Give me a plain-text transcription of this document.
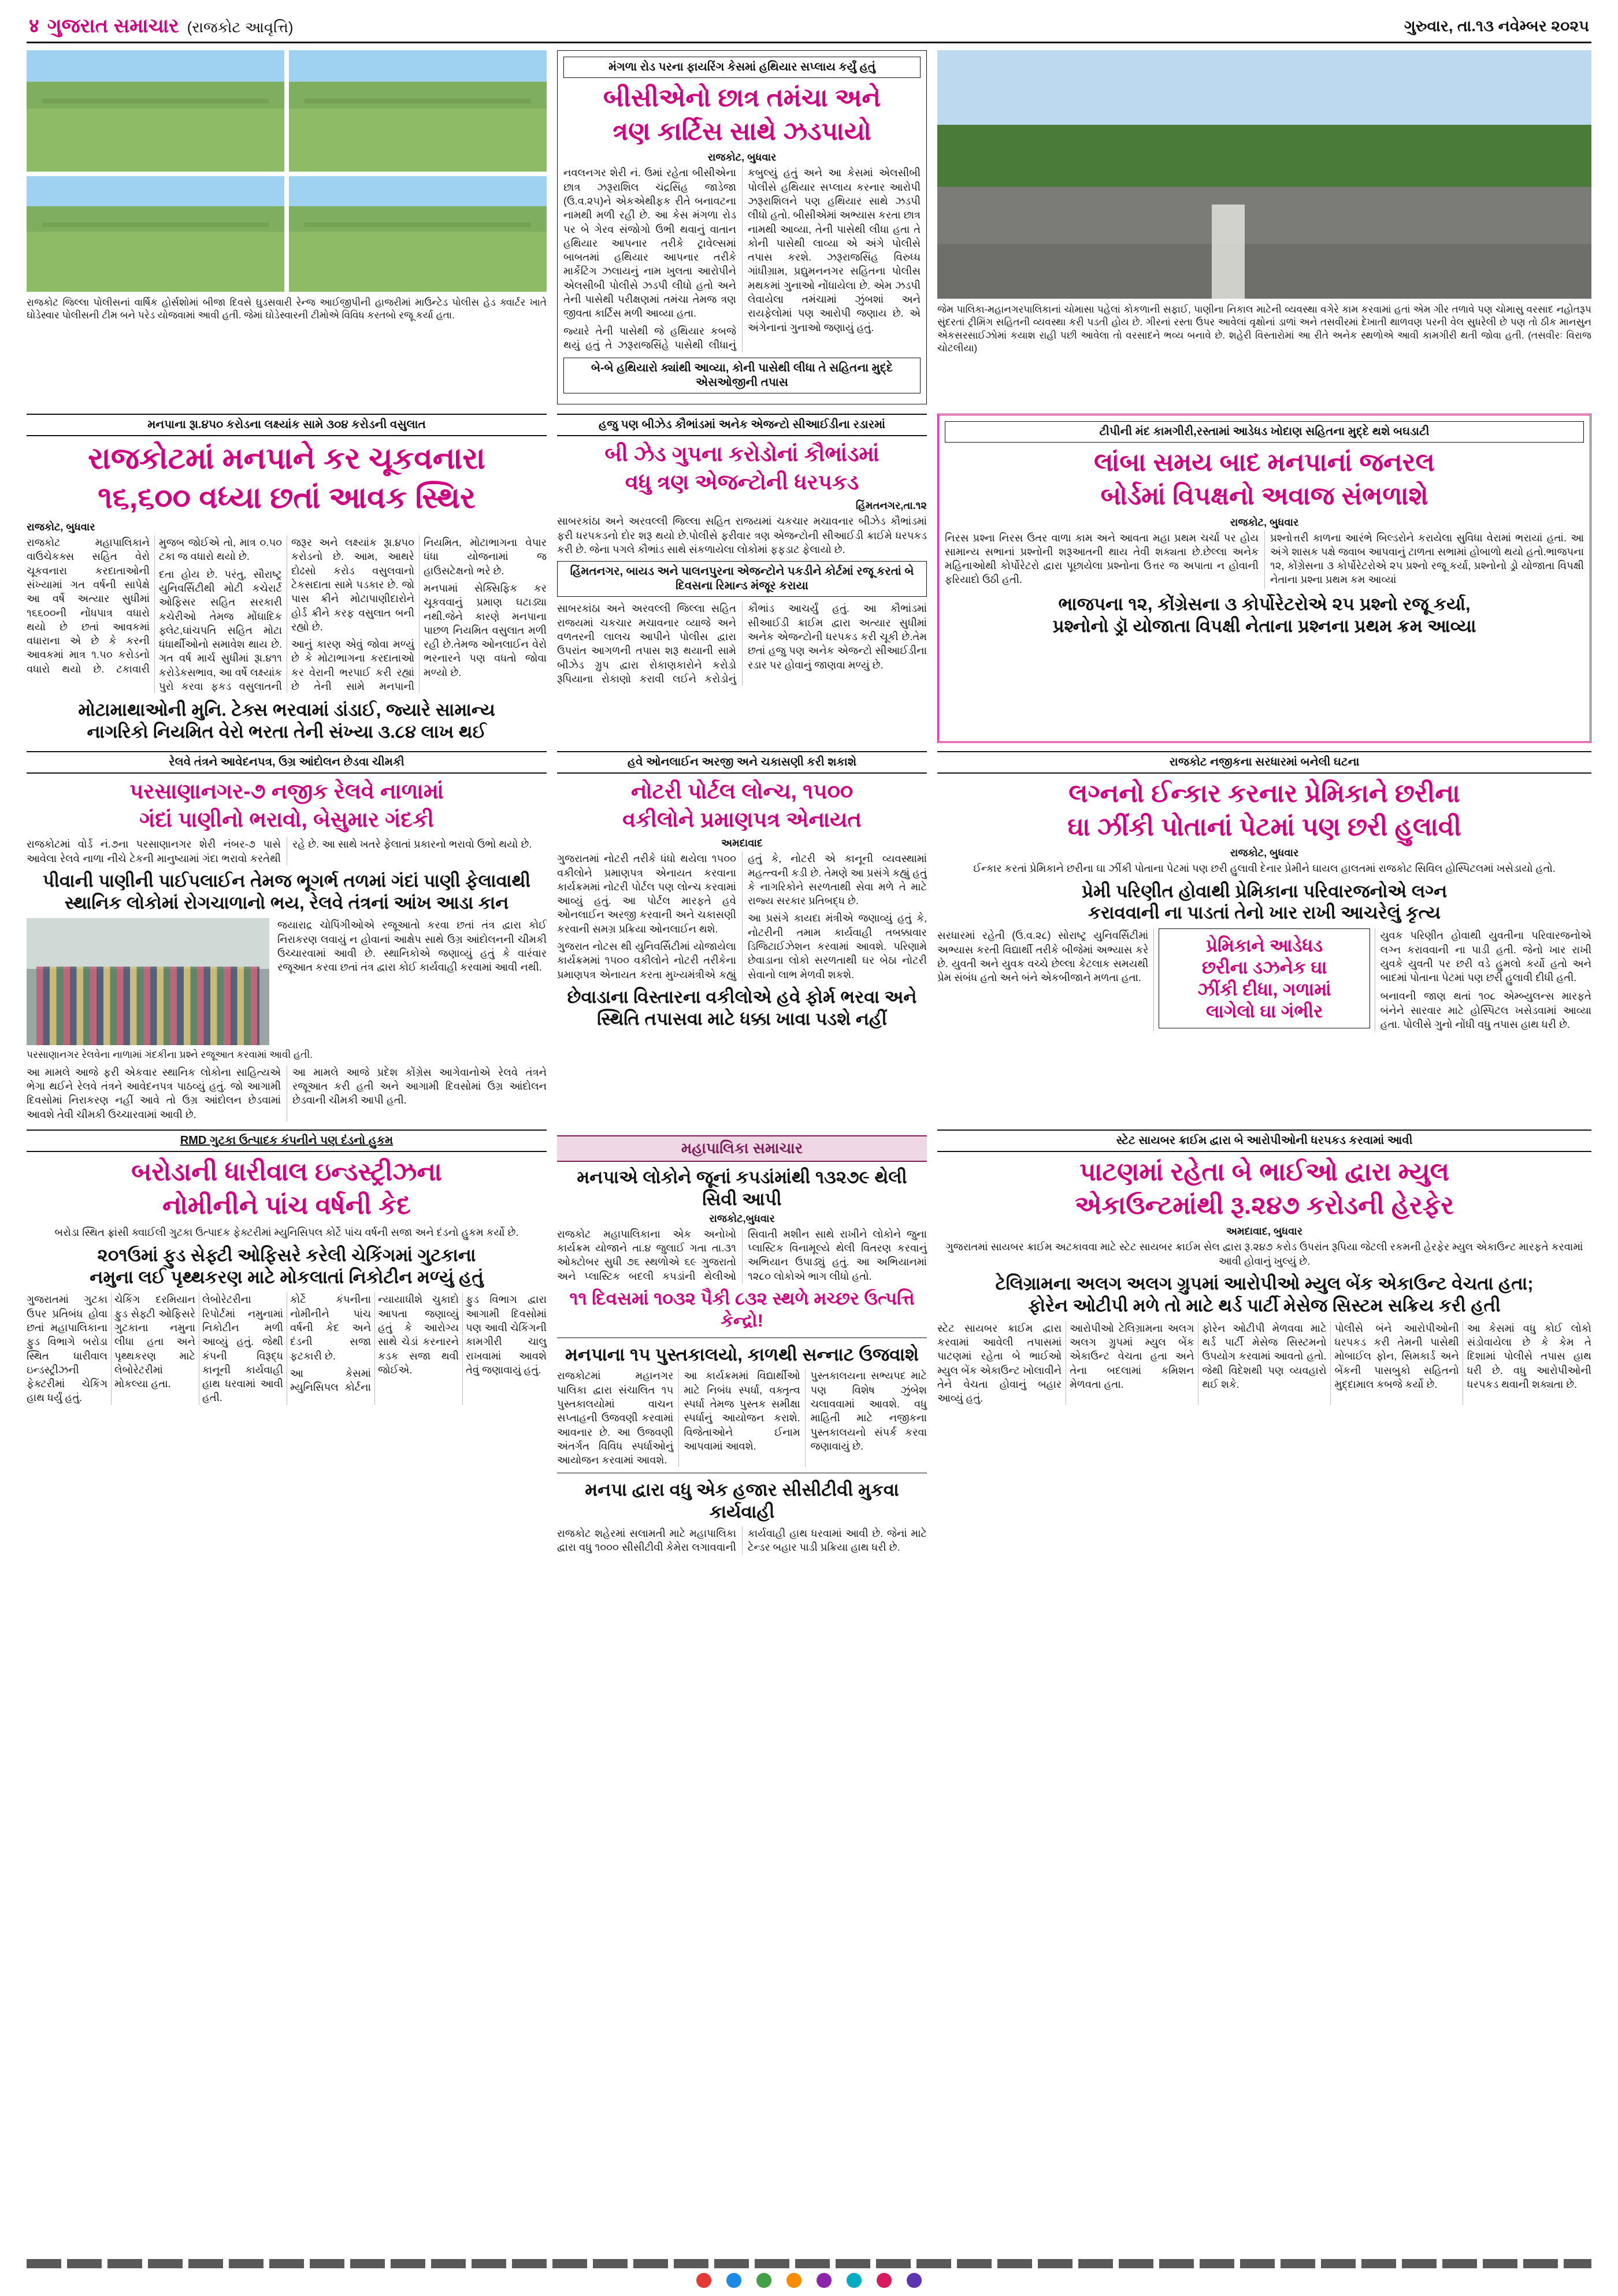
४ ગુજરાત સમાચાર (રાજકોટ આવૃત્તિ)	ગુરુવાર, તા.૧૩ નવેમ્બર ૨૦૨૫
રાજકોટ જિલ્લા પોલીસનાં વાર્ષિક હોર્સશોમાં બીજા દિવસે ઘુડસવારી રેન્જ આઈજીપીની હાજરીમાં માઉન્ટેડ પોલીસ હેડ ક્વાર્ટર ખાતે ઘોડેસ્વાર પોલીસની ટીમ બને પરેડ યોજવામાં આવી હતી. જેમાં ઘોડેસ્વારની ટીમોએ વિવિધ કરતબો રજૂ કર્યા હતા.
મંગળા રોડ પરના ફાયરિંગ કેસમાં હથિયાર સપ્લાય કર્યું હતું
બીસીએનો છાત્ર તમંચા અને
ત્રણ કાર્ટિસ સાથે ઝડપાયો
રાજકોટ, બુધવાર
નવલનગર શેરી નં. ઉમાં રહેતા બીસીએના છાત્ર ઝરૂરાશિલ ચંદ્રસિંહ જાડેજા (ઉ.વ.૨૫)ને એકએથીફક રીતે બનાવટના નામથી મળી રહી છે. આ કેસ મંગળા રોડ પર બે ગેરવ સંજોગો ઉભી થવાનું વાતાન હથિયાર આપનાર તરીકે ટ્રાવેલ્સમાં બાબતમાં હથિયાર આપનાર તરીકે માર્કેટિંગ ઝલાયનું નામ ખુલતા આરોપીને એલસીબી પોલીસે ઝડપી લીધો હતો અને તેની પાસેથી પરીક્ષણમાં તમંચા તેમજ ત્રણ જીવતા કાર્ટિસ મળી આવ્યા હતા.
જ્યારે તેની પાસેથી જે હથિયાર કબજે થયું હતું તે ઝરૂરાજસિંહે પાસેથી લીધાનું કબુલ્યું હતું અને આ કેસમાં એલસીબી પોલીસે હથિયાર સપ્લાય કરનાર આરોપી ઝરૂરાશિલને પણ હથિયાર સાથે ઝડપી લીધો હતો. બીસીએમાં અભ્યાસ કરતા છાત્ર નામથી આવ્યા, તેની પાસેથી લીધા હતા તે કોની પાસેથી લાવ્યા એ અંગે પોલીસે તપાસ કરશે. ઝરૂરાજસિંહ વિરુધ્ધ ગાંધીગ્રામ, પ્રદ્યુમનનગર સહિતના પોલીસ મથકમાં ગુનાઓ નોંધાયેલા છે. એમ ઝડપી લેવાયેલા તમંચામાં ઝુંબશાં અને રાયફેલોમાં પણ આરોપી જણાય છે. એ અંગેનાનાં ગુનાઓ જણાયું હતું.
બે-બે હથિયારો ક્યાંથી આવ્યા, કોની પાસેથી લીધા તે સહિતના મુદ્દે એસઓજીની તપાસ
જેમ પાલિકા-મહાનગરપાલિકાનાં ચોમાસા પહેલાં કોકળાની સફાઈ, પાણીના નિકાલ માટેની વ્યવસ્થા વગેરે કામ કરવામાં હતાં એમ ગીર તળાવે પણ ચોમાસુ વરસાદ નહોતરૂપ સુંદરતાં ટ્રીમિંગ સહિતની વ્યવસ્થા કરી પડતી હોય છે. ગીરનાં રસ્તા ઉપર આવેલાં વૃક્ષોનાં ડાળાં અને તસવીરમાં દેખાતી થાળવણ પરની વેલ સુધરેલી છે પણ તો ઠીક માનસુન એકસરસાઈઝોમાં કયાશ રાહી પછી આવેલા તો વરસાદને ભવ્ય બનાવે છે. શહેરી વિસ્તારોમાં આ રીતે અનેક સ્થળોએ આવી કામગીરી થતી જોવા હતી. (તસવીરઃ વિરાજ ચોટલીયા)
મનપાના રૂા.૪૫૦ કરોડના લક્ષ્યાંક સામે ૩૦૪ કરોડની વસુલાત
રાજકોટમાં મનપાને કર ચૂકવનારા
૧૬,૬૦૦ વધ્યા છતાં આવક સ્થિર
રાજકોટ, બુધવાર
રાજકોટ મહાપાલિકાને વાઉચેકક્સ સહિત વેરો ચૂકવનારા કરદાતાઓની સંખ્યામાં ગત વર્ષની સાપેક્ષે આ વર્ષે અત્યાર સુધીમાં ૧૬૬૦૦ની નોંધપાત્ર વધારો થયો છે છતાં આવકમાં વધારાના એ છે કે કરની આવકમાં માત્ર ૧.૫૦ કરોડનો વધારો થયો છે. ટકાવારી મુજબ જોઈએ તો, માત્ર ૦.૫૦ ટકા જ વધારો થયો છે.
દતા હોય છે. પરંતુ, સૌરાષ્ટ્ર યુનિવર્સિટીથી મોટી કચેરાર્ટ ઓફિસર સહિત સરકારી કચેરીઓ તેમજ મોંઘાદિક ફ્લેટ,ઘાંચપતિ સહિત મોટા ધંધાર્થીઓનો સમાવેશ થાય છે. ગત વર્ષ માર્ચ સુધીમાં રૂા.૪૧૧ કરોડેકસભાવ, આ વર્ષે લક્ષ્યાંક પુરો કરવા ફકડ વસુલાતની જરૂર અને લક્ષ્યાંક રૂા.૪૫૦ કરોડનો છે. આમ, આથરે દોઢસો કરોડ વસુલવાનો ટેકસદાતા સામે પડકાર છે. જો પાસ ક્રીને મોટાપાણીદારોને હોર્ડ ક્રીને કરફ વસુલાત બની રહ્યો છે.
આનું કારણ એવું જોવા મળ્યું છે કે મોટાભાગના કરદાતાઓ કર વેરાની ભરપાઈ કરી રહ્યાં છે તેની સામે મનપાની નિયમિત, મોટાભાગના વેપાર ધંધા યોજનામાં જ હાઉસટેક્ષનો ભરે છે.
મનપામાં સેક્સિફિક કર ચૂકવવાનું પ્રમાણ ઘટાડ્યા નથી.જેને કારણે મનપાના પાછળ નિયમિત વસુલાત મળી રહી છે.તેમજ ઓનલાઈન વેરો ભરનારને પણ વધતો જોવા મળ્યો છે.
મોટામાથાઓની મુનિ. ટેક્સ ભરવામાં ડાંડાઈ, જ્યારે સામાન્ય
નાગરિકો નિયમિત વેરો ભરતા તેની સંખ્યા ૩.૮૪ લાખ થઈ
હજુ પણ બીઝેડ કૌભાંડમાં અનેક એજન્ટો સીઆઈડીના રડારમાં
બી ઝેડ ગુપના કરોડોનાં કૌભાંડમાં
વધુ ત્રણ એજન્ટોની ધરપકડ
હિંમતનગર,તા.૧૨
સાબરકાંઠા અને અરવલ્લી જિલ્લા સહિત રાજયમાં ચકચાર મચાવનાર બીઝેડ કૌભાંડમાં ફરી ધરપકડનો દોર શરૂ થયો છે.પોલીસે ફરીવાર ત્રણ એજન્ટોની સીઆઈડી ક્રાઈમે ધરપકડ કરી છે. જેના પગલે કૌભાંડ સાથે સંકળાયેલા લોકોમાં ફફડાટ ફેલાયો છે.
હિંમતનગર, બાયડ અને પાલનપુરના એજન્ટોને પકડીને કોર્ટમાં રજૂ કરતાં બે દિવસના રિમાન્ડ મંજૂર કરાયા
સાબરકાંઠા અને અરવલ્લી જિલ્લા સહિત રાજયમાં ચકચાર મચાવનાર વ્યાજે અને વળતરની લાલચ આપીને પોલીસ દ્વારા ઉપરાંત આગળની તપાસ શરૂ થયાની સામે બીઝેડ ગ્રુપ દ્વારા રોકાણકારોને કરોડો રૂપિયાના રોકાણો કરાવી લઈને કરોડોનું કૌભાંડ આચર્યું હતું. આ કૌભાંડમાં સીઆઈડી ક્રાઈમ દ્વારા અત્યાર સુધીમાં અનેક એજન્ટોની ધરપકડ કરી ચૂકી છે.તેમ છતાં હજુ પણ અનેક એજન્ટો સીઆઈડીના રડાર પર હોવાનું જાણવા મળ્યું છે.
ટીપીની મંદ કામગીરી,રસ્તામાં આડેધડ ખોદાણ સહિતના મુદ્દે થશે બઘડાટી
લાંબા સમય બાદ મનપાનાં જનરલ
બોર્ડમાં વિપક્ષનો અવાજ સંભળાશે
રાજકોટ, બુધવાર
નિરસ પ્રશ્ના નિરસ ઉતર વાળા કામ અને આવતા મહા પ્રથમ ચર્ચા પર હોય સામાન્ય સભાનાં પ્રશ્નોની શરૂઆતની થાય તેવી શક્યતા છે.છેલ્લા અનેક મહિનાઓથી કોર્પોરેટરો દ્વારા પૂછાયેલા પ્રશ્નોના ઉત્તર જ અપાતા ન હોવાની ફરિયાદો ઉઠી હતી.
પ્રશ્નોત્તરી કાળના આરંભે બિલ્ડરોને કરાયેલા સુવિધા વેરામાં ભરાયાં હતાં. આ અંગે શાસક પક્ષે જવાબ આપવાનું ટાળતા સભામાં હોબાળો થયો હતો.ભાજપના ૧૨, કોંગ્રેસના ૩ કોર્પોરેટરોએ ૨૫ પ્રશ્નો રજૂ કર્યા, પ્રશ્નોનો ડ્રો યોજાતા વિપક્ષી નેતાના પ્રશ્ના પ્રથમ કમ આવ્યાં
ભાજપના ૧૨, કોંગ્રેસના ૩ કોર્પોરેટરોએ ૨૫ પ્રશ્નો રજૂ કર્યા,
પ્રશ્નોનો ડ્રૉ યોજાતા વિપક્ષી નેતાના પ્રશ્નના પ્રથમ ક્રમ આવ્યા
રેલવે તંત્રને આવેદનપત્ર, ઉગ્ર આંદોલન છેડવા ચીમકી
પરસાણાનગર-૭ નજીક રેલવે નાળામાં
ગંદાં પાણીનો ભરાવો, બેસુમાર ગંદકી
રાજકોટમાં વોર્ડ નં.૭ના પરસાણાનગર શેરી નંબર-૭ પાસે આવેલા રેલવે નાળા નીચે ટેકની માનુષ્યામાં ગંદા ભરાવો કરતેથી રહે છે. આ સાથે ખતરે ફેલાતાં પ્રકારનો ભરાવો ઉભો થયો છે.
પીવાની પાણીની પાઈપલાઈન તેમજ ભૂગર્ભ તળમાં ગંદાં પાણી ફેલાવાથી સ્થાનિક લોકોમાં રોગચાળાનો ભય, રેલવે તંત્રનાં આંખ આડા કાન
જયારાદ્ર ચોપિંગીઓએ રજૂઆતો કરવા છતાં તંત્ર દ્વારા કોઈ નિરાકરણ લવાયું ન હોવાનાં આક્ષેપ સાથે ઉગ્ર આંદોલનની ચીમકી ઉચ્ચારવામાં આવી છે. સ્થાનિકોએ જણાવ્યું હતું કે વારંવાર રજૂઆત કરવા છતાં તંત્ર દ્વારા કોઈ કાર્યવાહી કરવામાં આવી નથી.
પરસાણાનગર રેલવેના નાળામાં ગંદકીના પ્રશ્ને રજૂઆત કરવામાં આવી હતી.
આ મામલે આજે ફરી એકવાર સ્થાનિક લોકોના સાહિત્યએ ભેગા થઈને રેલવે તંત્રને આવેદનપત્ર પાઠવ્યું હતું. જો આગામી દિવસોમાં નિરાકરણ નહીં આવે તો ઉગ્ર આંદોલન છેડવામાં આવશે તેવી ચીમકી ઉચ્ચારવામાં આવી છે.
આ મામલે આજે પ્રદેશ કોંગ્રેસ આગેવાનોએ રેલવે તંત્રને રજૂઆત કરી હતી અને આગામી દિવસોમાં ઉગ્ર આંદોલન છેડવાની ચીમકી આપી હતી.
હવે ઓનલાઈન અરજી અને ચકાસણી કરી શકાશે
નોટરી પોર્ટલ લોન્ચ, ૧૫૦૦
વકીલોને પ્રમાણપત્ર એનાયત
અમદાવાદ
ગુજરાતમાં નોટરી તરીકે ધંધો થયેલા ૧૫૦૦ વકીલોને પ્રમાણપત્ર એનાયત કરવાના કાર્યક્રમમાં નોટરી પોર્ટલ પણ લોન્ચ કરવામાં આવ્યું હતું. આ પોર્ટલ મારફતે હવે ઓનલાઈન અરજી કરવાની અને ચકાસણી કરવાની સમગ્ર પ્રક્રિયા ઓનલાઈન થશે.
ગુજરાત નોટસ થી યુનિવર્સિટીમાં યોજાયેલા કાર્યક્રમમાં ૧૫૦૦ વકીલોને નોટરી તરીકેના પ્રમાણપત્ર એનાયત કરતા મુખ્યમંત્રીએ કહ્યું હતું કે, નોટરી એ કાનૂની વ્યવસ્થામાં મહત્ત્વની કડી છે. તેમણે આ પ્રસંગે કહ્યું હતું કે નાગરિકોને સરળતાથી સેવા મળે તે માટે રાજ્ય સરકાર પ્રતિબદ્ધ છે.
આ પ્રસંગે કાયદા મંત્રીએ જણાવ્યું હતું કે, નોટરીની તમામ કાર્યવાહી તબક્કાવાર ડિજિટાઈઝેશન કરવામાં આવશે. પરિણામે છેવાડાના લોકો સરળતાથી ઘર બેઠા નોટરી સેવાનો લાભ મેળવી શકશે.
છેવાડાના વિસ્તારના વકીલોએ હવે ફોર્મ ભરવા અને સ્થિતિ તપાસવા માટે ધક્કા ખાવા પડશે નહીં
રાજકોટ નજીકના સરધારમાં બનેલી ઘટના
લગ્નનો ઈન્કાર કરનાર પ્રેમિકાને છરીના
ઘા ઝીંકી પોતાનાં પેટમાં પણ છરી હુલાવી
રાજકોટ, બુધવાર
ઈન્કાર કરતાં પ્રેમિકાને છરીના ઘા ઝીંકી પોતાના પેટમાં પણ છરી હુલાવી દેનાર પ્રેમીને ઘાયલ હાલતમાં રાજકોટ સિવિલ હોસ્પિટલમાં ખસેડાયો હતો.
પ્રેમી પરિણીત હોવાથી પ્રેમિકાના પરિવારજનોએ લગ્ન
કરાવવાની ના પાડતાં તેનો ખાર રાખી આચરેલું કૃત્ય
સરધારમાં રહેતી (ઉ.વ.૨૮) સોરાષ્ટ્ર યુનિવર્સિટીમાં અભ્યાસ કરતી વિદ્યાર્થી તરીકે બીજેમાં અભ્યાસ કરે છે. યુવતી અને યુવક વચ્ચે છેલ્લા કેટલાક સમયથી પ્રેમ સંબંધ હતો અને બંને એકબીજાને મળતા હતા.
પ્રેમિકાને આડેધડ
છરીના ડઝનેક ઘા
ઝીંકી દીધા, ગળામાં
લાગેલો ઘા ગંભીર
યુવક પરિણીત હોવાથી યુવતીના પરિવારજનોએ લગ્ન કરાવવાની ના પાડી હતી. જેનો ખાર રાખી યુવકે યુવતી પર છરી વડે હુમલો કર્યો હતો અને બાદમાં પોતાના પેટમાં પણ છરી હુલાવી દીધી હતી.
બનાવની જાણ થતાં ૧૦૮ એમ્બ્યુલન્સ મારફતે બંનેને સારવાર માટે હોસ્પિટલ ખસેડવામાં આવ્યા હતા. પોલીસે ગુનો નોંધી વધુ તપાસ હાથ ધરી છે.
RMD ગુટકા ઉત્પાદક કંપનીને પણ દંડનો હુકમ
બરોડાની ધારીવાલ ઇન્ડસ્ટ્રીઝના
નોમીનીને પાંચ વર્ષની કેદ
બરોડા સ્થિત ફ્રાંસી ક્વાઈલી ગુટકા ઉત્પાદક ફેક્ટરીમાં મ્યુનિસિપલ કોર્ટે પાંચ વર્ષની સજા અને દંડનો હુકમ કર્યો છે.
૨૦૧ઉમાં ફુડ સેફ્ટી ઓફિસરે કરેલી ચેકિંગમાં ગુટકાના
નમુના લઈ પૃથ્થકરણ માટે મોકલાતાં નિકોટીન મળ્યું હતું
ગુજરાતમાં ગુટકા ઉપર પ્રતિબંધ હોવા છતાં મહાપાલિકાના ફુડ વિભાગે બરોડા સ્થિત ધારીવાલ ઇન્ડસ્ટ્રીઝની ફેક્ટરીમાં ચેકિંગ હાથ ધર્યું હતું.
ચેકિંગ દરમિયાન ફુડ સેફ્ટી ઓફિસરે ગુટકાના નમુના લીધા હતા અને પૃથ્થકરણ માટે લેબોરેટરીમાં મોકલ્યા હતા.
લેબોરેટરીના રિપોર્ટમાં નમુનામાં નિકોટીન મળી આવ્યું હતું. જેથી કંપની વિરૂદ્ધ કાનૂની કાર્યવાહી હાથ ધરવામાં આવી હતી.
કોર્ટે કંપનીના નોમીનીને પાંચ વર્ષની કેદ અને દંડની સજા ફટકારી છે.
આ કેસમાં મ્યુનિસિપલ કોર્ટના ન્યાયાધીશે ચુકાદો આપતા જણાવ્યું હતું કે આરોગ્ય સાથે ચેડાં કરનારને કડક સજા થવી જોઈએ.
ફુડ વિભાગ દ્વારા આગામી દિવસોમાં પણ આવી ચેકિંગની કામગીરી ચાલુ રાખવામાં આવશે તેવું જણાવાયું હતું.
મહાપાલિકા સમાચાર
મનપાએ લોકોને જૂનાં કપડાંમાંથી ૧૩૨૭૯ થેલી સિવી આપી
રાજકોટ,બુધવાર
રાજકોટ મહાપાલિકાના એક અનોખો કાર્યક્રમ યોજાને તા.૪ જુલાઈ ગતા તા.૩૧ ઓક્ટોબર સુધી ૭૬ સ્થળોએ ૬૯ ગુજરાતો અને પ્લાસ્ટિક બદલી કપડાંની થેલીઓ સિવાતી મશીન સાથે રાખીને લોકોને જુના પ્લાસ્ટિક વિનામૂલ્યે થેલી વિતરણ કરવાનું અભિયાન ઉપાડ્યું હતું. આ અભિયાનમાં ૧૨૮૦ લોકોએ ભાગ લીધો હતો.
૧૧ દિવસમાં ૧૦૩૨ પૈકી ૮૩૨ સ્થળે મચ્છર ઉત્પત્તિ કેન્દ્રો!
મનપાના ૧૫ પુસ્તકાલયો, કાળથી સન્નાટ ઉજવાશે
રાજકોટમાં મહાનગર પાલિકા દ્વારા સંચાલિત ૧૫ પુસ્તકાલયોમાં વાચન સપ્તાહની ઉજવણી કરવામાં આવનાર છે. આ ઉજવણી અંતર્ગત વિવિધ સ્પર્ધાઓનું આયોજન કરવામાં આવશે.
આ કાર્યક્રમમાં વિદ્યાર્થીઓ માટે નિબંધ સ્પર્ધા, વક્તૃત્વ સ્પર્ધા તેમજ પુસ્તક સમીક્ષા સ્પર્ધાનું આયોજન કરાશે. વિજેતાઓને ઈનામ આપવામાં આવશે.
પુસ્તકાલયના સભ્યપદ માટે પણ વિશેષ ઝુંબેશ ચલાવવામાં આવશે. વધુ માહિતી માટે નજીકના પુસ્તકાલયનો સંપર્ક કરવા જણાવાયું છે.
મનપા દ્વારા વધુ એક હજાર સીસીટીવી મુકવા કાર્યવાહી
રાજકોટ શહેરમાં સલામતી માટે મહાપાલિકા દ્વારા વધુ ૧૦૦૦ સીસીટીવી કેમેરા લગાવવાની કાર્યવાહી હાથ ધરવામાં આવી છે. જેનાં માટે ટેન્ડર બહાર પાડી પ્રક્રિયા હાથ ધરી છે.
સ્ટેટ સાયબર ક્રાઈમ દ્વારા બે આરોપીઓની ધરપકડ કરવામાં આવી
પાટણમાં રહેતા બે ભાઈઓ દ્વારા મ્યુલ
એકાઉન્ટમાંથી રૂ.૨૪૭ કરોડની હેરફેર
અમદાવાદ, બુધવાર
ગુજરાતમાં સાયબર ક્રાઈમ અટકાવવા માટે સ્ટેટ સાયબર ક્રાઈમ સેલ દ્વારા રૂ.૨૪૭ કરોડ ઉપરાંત રૂપિયા જેટલી રકમની હેરફેર મ્યુલ એકાઉન્ટ મારફતે કરવામાં આવી હોવાનું ખુલ્યું છે.
ટેલિગ્રામના અલગ અલગ ગ્રુપમાં આરોપીઓ મ્યુલ બેંક એકાઉન્ટ વેચતા હતા;
ફોરેન ઓટીપી મળે તો માટે થર્ડ પાર્ટી મેસેજ સિસ્ટમ સક્રિય કરી હતી
સ્ટેટ સાયબર ક્રાઈમ દ્વારા કરવામાં આવેલી તપાસમાં પાટણમાં રહેતા બે ભાઈઓ મ્યુલ બેંક એકાઉન્ટ ખોલાવીને તેને વેચતા હોવાનું બહાર આવ્યું હતું.
આરોપીઓ ટેલિગ્રામના અલગ અલગ ગ્રુપમાં મ્યુલ બેંક એકાઉન્ટ વેચતા હતા અને તેના બદલામાં કમિશન મેળવતા હતા.
ફોરેન ઓટીપી મેળવવા માટે થર્ડ પાર્ટી મેસેજ સિસ્ટમનો ઉપયોગ કરવામાં આવતો હતો. જેથી વિદેશથી પણ વ્યવહારો થઈ શકે.
પોલીસે બંને આરોપીઓની ધરપકડ કરી તેમની પાસેથી મોબાઈલ ફોન, સિમકાર્ડ અને બેંકની પાસબુકો સહિતનો મુદ્દામાલ કબજે કર્યો છે.
આ કેસમાં વધુ કોઈ લોકો સંડોવાયેલા છે કે કેમ તે દિશામાં પોલીસે તપાસ હાથ ધરી છે. વધુ આરોપીઓની ધરપકડ થવાની શક્યતા છે.
